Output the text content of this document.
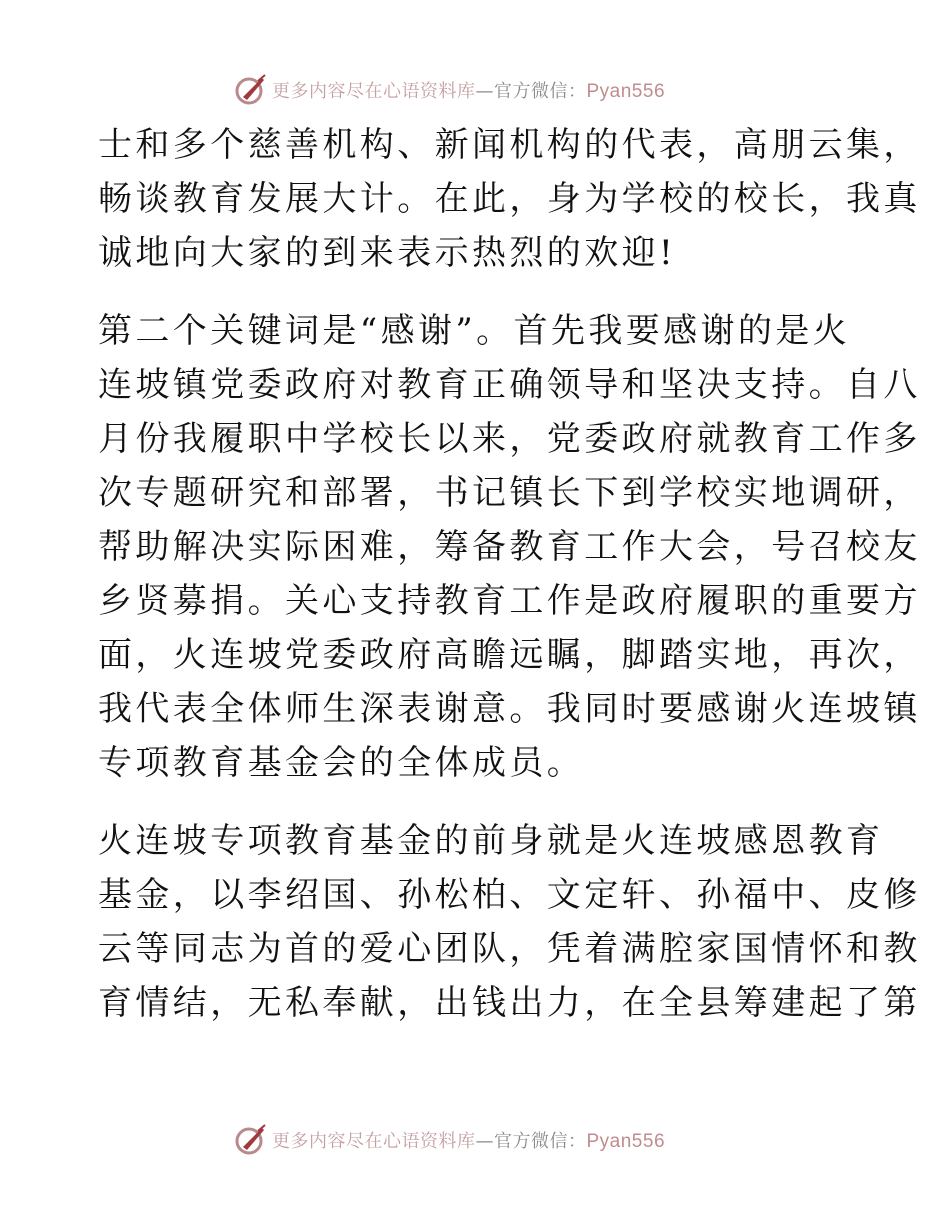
更多内容尽在心语资料库—官方微信：Pyan556

士和多个慈善机构、新闻机构的代表，高朋云集，
畅谈教育发展大计。在此，身为学校的校长，我真
诚地向大家的到来表示热烈的欢迎!

第二个关键词是“感谢”。首先我要感谢的是火
连坡镇党委政府对教育正确领导和坚决支持。自八
月份我履职中学校长以来，党委政府就教育工作多
次专题研究和部署，书记镇长下到学校实地调研，
帮助解决实际困难，筹备教育工作大会，号召校友
乡贤募捐。关心支持教育工作是政府履职的重要方
面，火连坡党委政府高瞻远瞩，脚踏实地，再次，
我代表全体师生深表谢意。我同时要感谢火连坡镇
专项教育基金会的全体成员。

火连坡专项教育基金的前身就是火连坡感恩教育
基金，以李绍国、孙松柏、文定轩、孙福中、皮修
云等同志为首的爱心团队，凭着满腔家国情怀和教
育情结，无私奉献，出钱出力，在全县筹建起了第

更多内容尽在心语资料库—官方微信：Pyan556
